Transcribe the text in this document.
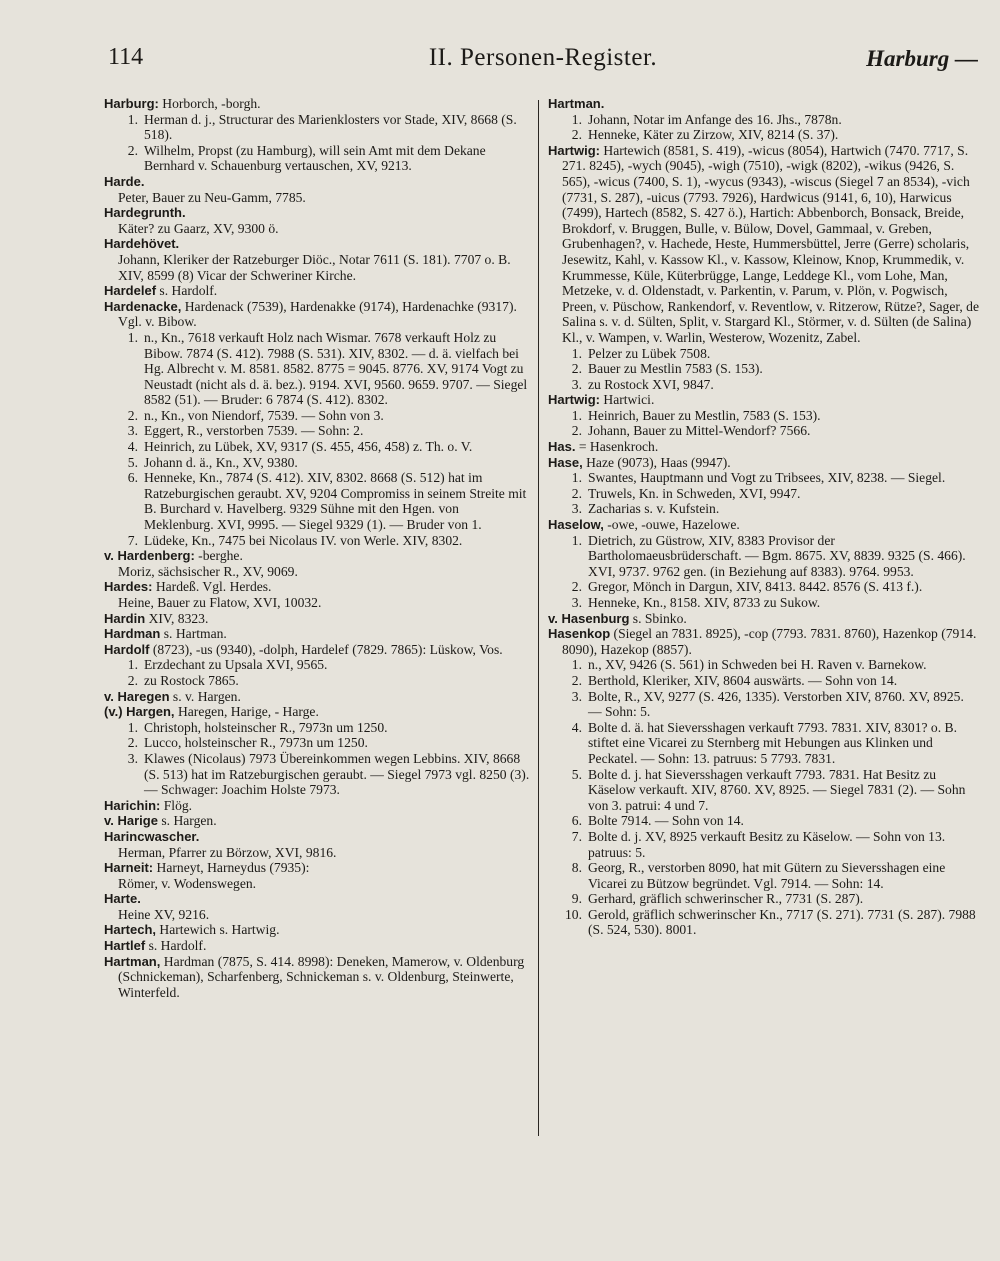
II. Personen-Register.
114	Harburg —

Harburg: Horborch, -borgh.

1. Herman d. j., Structurar des Marienklosters vor Stade, XIV, 8668 (S. 518).

2. Wilhelm, Propst (zu Hamburg), will sein Amt mit dem Dekane Bernhard v. Schauenburg vertauschen, XV, 9213.

Harde.

Peter, Bauer zu Neu-Gamm, 7785.

Hardegrunth.

Käter? zu Gaarz, XV, 9300 ö.

Hardehövet.

Johann, Kleriker der Ratzeburger Diöc., Notar 7611 (S. 181). 7707 o. B. XIV, 8599 (8) Vicar der Schweriner Kirche.

Hardelef s. Hardolf.

Hardenacke, Hardenack (7539), Hardenakke (9174), Hardenachke (9317). Vgl. v. Bibow.

1. n., Kn., 7618 verkauft Holz nach Wismar. 7678 verkauft Holz zu Bibow. 7874 (S. 412). 7988 (S. 531). XIV, 8302. — d. ä. vielfach bei Hg. Albrecht v. M. 8581. 8582. 8775 = 9045. 8776. XV, 9174 Vogt zu Neustadt (nicht als d. ä. bez.). 9194. XVI, 9560. 9659. 9707. — Siegel 8582 (51). — Bruder: 6 7874 (S. 412). 8302.

2. n., Kn., von Niendorf, 7539. — Sohn von 3.

3. Eggert, R., verstorben 7539. — Sohn: 2.

4. Heinrich, zu Lübek, XV, 9317 (S. 455, 456, 458) z. Th. o. V.

5. Johann d. ä., Kn., XV, 9380.

6. Henneke, Kn., 7874 (S. 412). XIV, 8302. 8668 (S. 512) hat im Ratzeburgischen geraubt. XV, 9204 Compromiss in seinem Streite mit B. Burchard v. Havelberg. 9329 Sühne mit den Hgen. von Meklenburg. XVI, 9995. — Siegel 9329 (1). — Bruder von 1.

7. Lüdeke, Kn., 7475 bei Nicolaus IV. von Werle. XIV, 8302.

v. Hardenberg: -berghe.

Moriz, sächsischer R., XV, 9069.

Hardes: Hardeß. Vgl. Herdes.

Heine, Bauer zu Flatow, XVI, 10032.

Hardin XIV, 8323.

Hardman s. Hartman.

Hardolf (8723), -us (9340), -dolph, Hardelef (7829. 7865): Lüskow, Vos.

1. Erzdechant zu Upsala XVI, 9565.

2. zu Rostock 7865.

v. Haregen s. v. Hargen.

(v.) Hargen, Haregen, Harige, - Harge.

1. Christoph, holsteinscher R., 7973n um 1250.

2. Lucco, holsteinscher R., 7973n um 1250.

3. Klawes (Nicolaus) 7973 Übereinkommen wegen Lebbins. XIV, 8668 (S. 513) hat im Ratzeburgischen geraubt. — Siegel 7973 vgl. 8250 (3). — Schwager: Joachim Holste 7973.

Harichin: Flög.

v. Harige s. Hargen.

Harincwascher.

Herman, Pfarrer zu Börzow, XVI, 9816.

Harneit: Harneyt, Harneydus (7935):

Römer, v. Wodenswegen.

Harte.

Heine XV, 9216.

Hartech, Hartewich s. Hartwig.

Hartlef s. Hardolf.

Hartman, Hardman (7875, S. 414. 8998): Deneken, Mamerow, v. Oldenburg (Schnickeman), Scharfenberg, Schnickeman s. v. Oldenburg, Steinwerte, Winterfeld.

Hartman.

1. Johann, Notar im Anfange des 16. Jhs., 7878n.

2. Henneke, Käter zu Zirzow, XIV, 8214 (S. 37).

Hartwig: Hartewich (8581, S. 419), -wicus (8054), Hartwich (7470. 7717, S. 271. 8245), -wych (9045), -wigh (7510), -wigk (8202), -wikus (9426, S. 565), -wicus (7400, S. 1), -wycus (9343), -wiscus (Siegel 7 an 8534), -vich (7731, S. 287), -uicus (7793. 7926), Hardwicus (9141, 6, 10), Harwicus (7499), Hartech (8582, S. 427 ö.), Hartich: Abbenborch, Bonsack, Breide, Brokdorf, v. Bruggen, Bulle, v. Bülow, Dovel, Gammaal, v. Greben, Grubenhagen?, v. Hachede, Heste, Hummersbüttel, Jerre (Gerre) scholaris, Jesewitz, Kahl, v. Kassow Kl., v. Kassow, Kleinow, Knop, Krummedik, v. Krummesse, Küle, Küterbrügge, Lange, Leddege Kl., vom Lohe, Man, Metzeke, v. d. Oldenstadt, v. Parkentin, v. Parum, v. Plön, v. Pogwisch, Preen, v. Püschow, Rankendorf, v. Reventlow, v. Ritzerow, Rütze?, Sager, de Salina s. v. d. Sülten, Split, v. Stargard Kl., Störmer, v. d. Sülten (de Salina) Kl., v. Wampen, v. Warlin, Westerow, Wozenitz, Zabel.

1. Pelzer zu Lübek 7508.

2. Bauer zu Mestlin 7583 (S. 153).

3. zu Rostock XVI, 9847.

Hartwig: Hartwici.

1. Heinrich, Bauer zu Mestlin, 7583 (S. 153).

2. Johann, Bauer zu Mittel-Wendorf? 7566.

Has. = Hasenkroch.

Hase, Haze (9073), Haas (9947).

1. Swantes, Hauptmann und Vogt zu Tribsees, XIV, 8238. — Siegel.

2. Truwels, Kn. in Schweden, XVI, 9947.

3. Zacharias s. v. Kufstein.

Haselow, -owe, -ouwe, Hazelowe.

1. Dietrich, zu Güstrow, XIV, 8383 Provisor der Bartholomaeusbrüderschaft. — Bgm. 8675. XV, 8839. 9325 (S. 466). XVI, 9737. 9762 gen. (in Beziehung auf 8383). 9764. 9953.

2. Gregor, Mönch in Dargun, XIV, 8413. 8442. 8576 (S. 413 f.).

3. Henneke, Kn., 8158. XIV, 8733 zu Sukow.

v. Hasenburg s. Sbinko.

Hasenkop (Siegel an 7831. 8925), -cop (7793. 7831. 8760), Hazenkop (7914. 8090), Hazekop (8857).

1. n., XV, 9426 (S. 561) in Schweden bei H. Raven v. Barnekow.

2. Berthold, Kleriker, XIV, 8604 auswärts. — Sohn von 14.

3. Bolte, R., XV, 9277 (S. 426, 1335). Verstorben XIV, 8760. XV, 8925. — Sohn: 5.

4. Bolte d. ä. hat Sieversshagen verkauft 7793. 7831. XIV, 8301? o. B. stiftet eine Vicarei zu Sternberg mit Hebungen aus Klinken und Peckatel. — Sohn: 13. patruus: 5 7793. 7831.

5. Bolte d. j. hat Sieversshagen verkauft 7793. 7831. Hat Besitz zu Käselow verkauft. XIV, 8760. XV, 8925. — Siegel 7831 (2). — Sohn von 3. patrui: 4 und 7.

6. Bolte 7914. — Sohn von 14.

7. Bolte d. j. XV, 8925 verkauft Besitz zu Käselow. — Sohn von 13. patruus: 5.

8. Georg, R., verstorben 8090, hat mit Gütern zu Sieversshagen eine Vicarei zu Bützow begründet. Vgl. 7914. — Sohn: 14.

9. Gerhard, gräflich schwerinscher R., 7731 (S. 287).

10. Gerold, gräflich schwerinscher Kn., 7717 (S. 271). 7731 (S. 287). 7988 (S. 524, 530). 8001.
